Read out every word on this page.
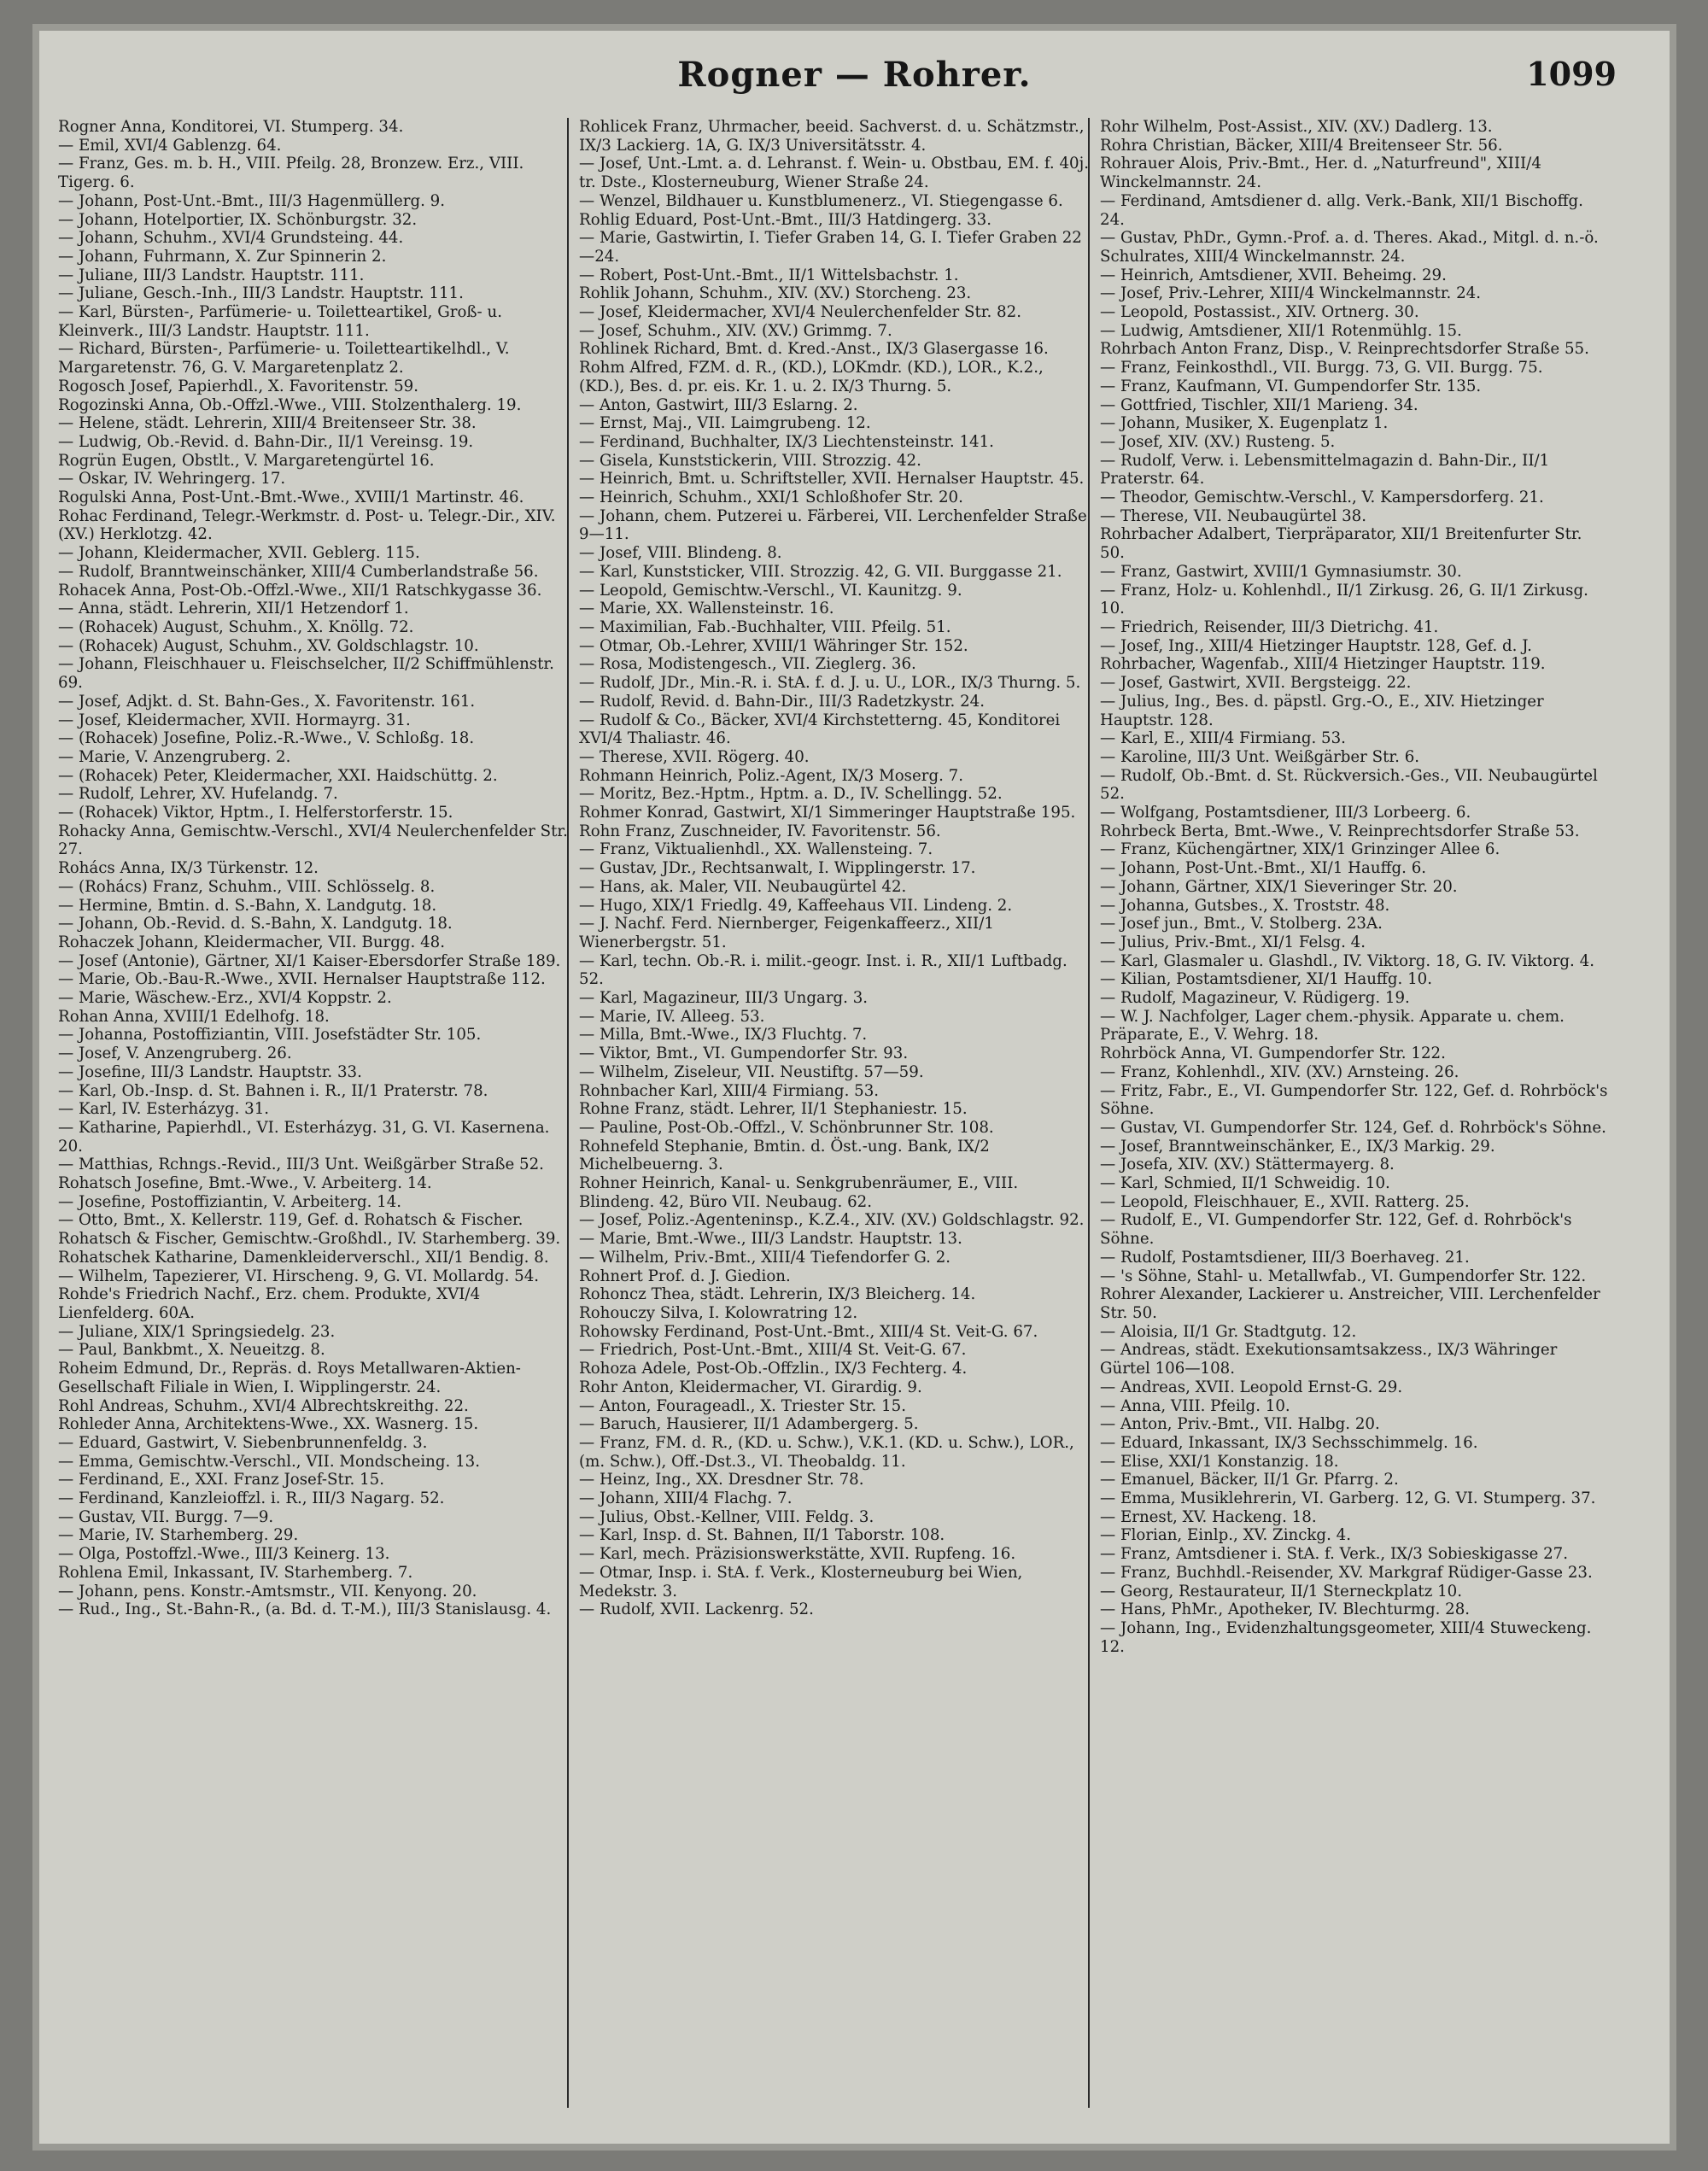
Rogner — Rohrer.	1099
Rogner Anna, Konditorei, VI. Stumperg. 34.
— Emil, XVI/4 Gablenzg. 64.
— Franz, Ges. m. b. H., VIII. Pfeilg. 28, Bronzew. Erz., VIII. Tigerg. 6.
— Johann, Post-Unt.-Bmt., III/3 Hagenmüllerg. 9.
— Johann, Hotelportier, IX. Schönburgstr. 32.
— Johann, Schuhm., XVI/4 Grundsteing. 44.
— Johann, Fuhrmann, X. Zur Spinnerin 2.
— Juliane, III/3 Landstr. Hauptstr. 111.
— Juliane, Gesch.-Inh., III/3 Landstr. Hauptstr. 111.
— Karl, Bürsten-, Parfümerie- u. Toiletteartikel, Groß- u. Kleinverk., III/3 Landstr. Hauptstr. 111.
— Richard, Bürsten-, Parfümerie- u. Toiletteartikelhdl., V. Margaretenstr. 76, G. V. Margaretenplatz 2.
Rogosch Josef, Papierhdl., X. Favoritenstr. 59.
Rogozinski Anna, Ob.-Offzl.-Wwe., VIII. Stolzenthalerg. 19.
— Helene, städt. Lehrerin, XIII/4 Breitenseer Str. 38.
— Ludwig, Ob.-Revid. d. Bahn-Dir., II/1 Vereinsg. 19.
Rogrün Eugen, Obstlt., V. Margaretengürtel 16.
— Oskar, IV. Wehringerg. 17.
Rogulski Anna, Post-Unt.-Bmt.-Wwe., XVIII/1 Martinstr. 46.
Rohac Ferdinand, Telegr.-Werkmstr. d. Post- u. Telegr.-Dir., XIV. (XV.) Herklotzg. 42.
— Johann, Kleidermacher, XVII. Geblerg. 115.
— Rudolf, Branntweinschänker, XIII/4 Cumberlandstraße 56.
Rohacek Anna, Post-Ob.-Offzl.-Wwe., XII/1 Ratschkygasse 36.
— Anna, städt. Lehrerin, XII/1 Hetzendorf 1.
— (Rohacek) August, Schuhm., X. Knöllg. 72.
— (Rohacek) August, Schuhm., XV. Goldschlagstr. 10.
— Johann, Fleischhauer u. Fleischselcher, II/2 Schiffmühlenstr. 69.
— Josef, Adjkt. d. St. Bahn-Ges., X. Favoritenstr. 161.
— Josef, Kleidermacher, XVII. Hormayrg. 31.
— (Rohacek) Josefine, Poliz.-R.-Wwe., V. Schloßg. 18.
— Marie, V. Anzengruberg. 2.
— (Rohacek) Peter, Kleidermacher, XXI. Haidschüttg. 2.
— Rudolf, Lehrer, XV. Hufelandg. 7.
— (Rohacek) Viktor, Hptm., I. Helferstorferstr. 15.
Rohacky Anna, Gemischtw.-Verschl., XVI/4 Neulerchenfelder Str. 27.
Rohács Anna, IX/3 Türkenstr. 12.
— (Rohács) Franz, Schuhm., VIII. Schlösselg. 8.
— Hermine, Bmtin. d. S.-Bahn, X. Landgutg. 18.
— Johann, Ob.-Revid. d. S.-Bahn, X. Landgutg. 18.
Rohaczek Johann, Kleidermacher, VII. Burgg. 48.
— Josef (Antonie), Gärtner, XI/1 Kaiser-Ebersdorfer Straße 189.
— Marie, Ob.-Bau-R.-Wwe., XVII. Hernalser Hauptstraße 112.
— Marie, Wäschew.-Erz., XVI/4 Koppstr. 2.
Rohan Anna, XVIII/1 Edelhofg. 18.
— Johanna, Postoffiziantin, VIII. Josefstädter Str. 105.
— Josef, V. Anzengruberg. 26.
— Josefine, III/3 Landstr. Hauptstr. 33.
— Karl, Ob.-Insp. d. St. Bahnen i. R., II/1 Praterstr. 78.
— Karl, IV. Esterházyg. 31.
— Katharine, Papierhdl., VI. Esterházyg. 31, G. VI. Kasernena. 20.
— Matthias, Rchngs.-Revid., III/3 Unt. Weißgärber Straße 52.
Rohatsch Josefine, Bmt.-Wwe., V. Arbeiterg. 14.
— Josefine, Postoffiziantin, V. Arbeiterg. 14.
— Otto, Bmt., X. Kellerstr. 119, Gef. d. Rohatsch & Fischer.
Rohatsch & Fischer, Gemischtw.-Großhdl., IV. Starhemberg. 39.
Rohatschek Katharine, Damenkleiderverschl., XII/1 Bendig. 8.
— Wilhelm, Tapezierer, VI. Hirscheng. 9, G. VI. Mollardg. 54.
Rohde's Friedrich Nachf., Erz. chem. Produkte, XVI/4 Lienfelderg. 60A.
— Juliane, XIX/1 Springsiedelg. 23.
— Paul, Bankbmt., X. Neueitzg. 8.
Roheim Edmund, Dr., Repräs. d. Roys Metallwaren-Aktien-Gesellschaft Filiale in Wien, I. Wipplingerstr. 24.
Rohl Andreas, Schuhm., XVI/4 Albrechtskreithg. 22.
Rohleder Anna, Architektens-Wwe., XX. Wasnerg. 15.
— Eduard, Gastwirt, V. Siebenbrunnenfeldg. 3.
— Emma, Gemischtw.-Verschl., VII. Mondscheing. 13.
— Ferdinand, E., XXI. Franz Josef-Str. 15.
— Ferdinand, Kanzleioffzl. i. R., III/3 Nagarg. 52.
— Gustav, VII. Burgg. 7—9.
— Marie, IV. Starhemberg. 29.
— Olga, Postoffzl.-Wwe., III/3 Keinerg. 13.
Rohlena Emil, Inkassant, IV. Starhemberg. 7.
— Johann, pens. Konstr.-Amtsmstr., VII. Kenyong. 20.
— Rud., Ing., St.-Bahn-R., (a. Bd. d. T.-M.), III/3 Stanislausg. 4.
Rohlicek Franz, Uhrmacher, beeid. Sachverst. d. u. Schätzmstr., IX/3 Lackierg. 1A, G. IX/3 Universitätsstr. 4.
— Josef, Unt.-Lmt. a. d. Lehranst. f. Wein- u. Obstbau, EM. f. 40j. tr. Dste., Klosterneuburg, Wiener Straße 24.
— Wenzel, Bildhauer u. Kunstblumenerz., VI. Stiegengasse 6.
Rohlig Eduard, Post-Unt.-Bmt., III/3 Hatdingerg. 33.
— Marie, Gastwirtin, I. Tiefer Graben 14, G. I. Tiefer Graben 22—24.
— Robert, Post-Unt.-Bmt., II/1 Wittelsbachstr. 1.
Rohlik Johann, Schuhm., XIV. (XV.) Storcheng. 23.
— Josef, Kleidermacher, XVI/4 Neulerchenfelder Str. 82.
— Josef, Schuhm., XIV. (XV.) Grimmg. 7.
Rohlinek Richard, Bmt. d. Kred.-Anst., IX/3 Glasergasse 16.
Rohm Alfred, FZM. d. R., (KD.), LOKmdr. (KD.), LOR., K.2., (KD.), Bes. d. pr. eis. Kr. 1. u. 2. IX/3 Thurng. 5.
— Anton, Gastwirt, III/3 Eslarng. 2.
— Ernst, Maj., VII. Laimgrubeng. 12.
— Ferdinand, Buchhalter, IX/3 Liechtensteinstr. 141.
— Gisela, Kunststickerin, VIII. Strozzig. 42.
— Heinrich, Bmt. u. Schriftsteller, XVII. Hernalser Hauptstr. 45.
— Heinrich, Schuhm., XXI/1 Schloßhofer Str. 20.
— Johann, chem. Putzerei u. Färberei, VII. Lerchenfelder Straße 9—11.
— Josef, VIII. Blindeng. 8.
— Karl, Kunststicker, VIII. Strozzig. 42, G. VII. Burggasse 21.
— Leopold, Gemischtw.-Verschl., VI. Kaunitzg. 9.
— Marie, XX. Wallensteinstr. 16.
— Maximilian, Fab.-Buchhalter, VIII. Pfeilg. 51.
— Otmar, Ob.-Lehrer, XVIII/1 Währinger Str. 152.
— Rosa, Modistengesch., VII. Zieglerg. 36.
— Rudolf, JDr., Min.-R. i. StA. f. d. J. u. U., LOR., IX/3 Thurng. 5.
— Rudolf, Revid. d. Bahn-Dir., III/3 Radetzkystr. 24.
— Rudolf & Co., Bäcker, XVI/4 Kirchstetterng. 45, Konditorei XVI/4 Thaliastr. 46.
— Therese, XVII. Rögerg. 40.
Rohmann Heinrich, Poliz.-Agent, IX/3 Moserg. 7.
— Moritz, Bez.-Hptm., Hptm. a. D., IV. Schellingg. 52.
Rohmer Konrad, Gastwirt, XI/1 Simmeringer Hauptstraße 195.
Rohn Franz, Zuschneider, IV. Favoritenstr. 56.
— Franz, Viktualienhdl., XX. Wallensteing. 7.
— Gustav, JDr., Rechtsanwalt, I. Wipplingerstr. 17.
— Hans, ak. Maler, VII. Neubaugürtel 42.
— Hugo, XIX/1 Friedlg. 49, Kaffeehaus VII. Lindeng. 2.
— J. Nachf. Ferd. Niernberger, Feigenkaffeerz., XII/1 Wienerbergstr. 51.
— Karl, techn. Ob.-R. i. milit.-geogr. Inst. i. R., XII/1 Luftbadg. 52.
— Karl, Magazineur, III/3 Ungarg. 3.
— Marie, IV. Alleeg. 53.
— Milla, Bmt.-Wwe., IX/3 Fluchtg. 7.
— Viktor, Bmt., VI. Gumpendorfer Str. 93.
— Wilhelm, Ziseleur, VII. Neustiftg. 57—59.
Rohnbacher Karl, XIII/4 Firmiang. 53.
Rohne Franz, städt. Lehrer, II/1 Stephaniestr. 15.
— Pauline, Post-Ob.-Offzl., V. Schönbrunner Str. 108.
Rohnefeld Stephanie, Bmtin. d. Öst.-ung. Bank, IX/2 Michelbeuerng. 3.
Rohner Heinrich, Kanal- u. Senkgrubenräumer, E., VIII. Blindeng. 42, Büro VII. Neubaug. 62.
— Josef, Poliz.-Agenteninsp., K.Z.4., XIV. (XV.) Goldschlagstr. 92.
— Marie, Bmt.-Wwe., III/3 Landstr. Hauptstr. 13.
— Wilhelm, Priv.-Bmt., XIII/4 Tiefendorfer G. 2.
Rohnert Prof. d. J. Giedion.
Rohoncz Thea, städt. Lehrerin, IX/3 Bleicherg. 14.
Rohouczy Silva, I. Kolowratring 12.
Rohowsky Ferdinand, Post-Unt.-Bmt., XIII/4 St. Veit-G. 67.
— Friedrich, Post-Unt.-Bmt., XIII/4 St. Veit-G. 67.
Rohoza Adele, Post-Ob.-Offzlin., IX/3 Fechterg. 4.
Rohr Anton, Kleidermacher, VI. Girardig. 9.
— Anton, Fourageadl., X. Triester Str. 15.
— Baruch, Hausierer, II/1 Adambergerg. 5.
— Franz, FM. d. R., (KD. u. Schw.), V.K.1. (KD. u. Schw.), LOR., (m. Schw.), Off.-Dst.3., VI. Theobaldg. 11.
— Heinz, Ing., XX. Dresdner Str. 78.
— Johann, XIII/4 Flachg. 7.
— Julius, Obst.-Kellner, VIII. Feldg. 3.
— Karl, Insp. d. St. Bahnen, II/1 Taborstr. 108.
— Karl, mech. Präzisionswerkstätte, XVII. Rupfeng. 16.
— Otmar, Insp. i. StA. f. Verk., Klosterneuburg bei Wien, Medekstr. 3.
— Rudolf, XVII. Lackenrg. 52.
Rohr Wilhelm, Post-Assist., XIV. (XV.) Dadlerg. 13.
Rohra Christian, Bäcker, XIII/4 Breitenseer Str. 56.
Rohrauer Alois, Priv.-Bmt., Her. d. „Naturfreund", XIII/4 Winckelmannstr. 24.
— Ferdinand, Amtsdiener d. allg. Verk.-Bank, XII/1 Bischoffg. 24.
— Gustav, PhDr., Gymn.-Prof. a. d. Theres. Akad., Mitgl. d. n.-ö. Schulrates, XIII/4 Winckelmannstr. 24.
— Heinrich, Amtsdiener, XVII. Beheimg. 29.
— Josef, Priv.-Lehrer, XIII/4 Winckelmannstr. 24.
— Leopold, Postassist., XIV. Ortnerg. 30.
— Ludwig, Amtsdiener, XII/1 Rotenmühlg. 15.
Rohrbach Anton Franz, Disp., V. Reinprechtsdorfer Straße 55.
— Franz, Feinkosthdl., VII. Burgg. 73, G. VII. Burgg. 75.
— Franz, Kaufmann, VI. Gumpendorfer Str. 135.
— Gottfried, Tischler, XII/1 Marieng. 34.
— Johann, Musiker, X. Eugenplatz 1.
— Josef, XIV. (XV.) Rusteng. 5.
— Rudolf, Verw. i. Lebensmittelmagazin d. Bahn-Dir., II/1 Praterstr. 64.
— Theodor, Gemischtw.-Verschl., V. Kampersdorferg. 21.
— Therese, VII. Neubaugürtel 38.
Rohrbacher Adalbert, Tierpräparator, XII/1 Breitenfurter Str. 50.
— Franz, Gastwirt, XVIII/1 Gymnasiumstr. 30.
— Franz, Holz- u. Kohlenhdl., II/1 Zirkusg. 26, G. II/1 Zirkusg. 10.
— Friedrich, Reisender, III/3 Dietrichg. 41.
— Josef, Ing., XIII/4 Hietzinger Hauptstr. 128, Gef. d. J. Rohrbacher, Wagenfab., XIII/4 Hietzinger Hauptstr. 119.
— Josef, Gastwirt, XVII. Bergsteigg. 22.
— Julius, Ing., Bes. d. päpstl. Grg.-O., E., XIV. Hietzinger Hauptstr. 128.
— Karl, E., XIII/4 Firmiang. 53.
— Karoline, III/3 Unt. Weißgärber Str. 6.
— Rudolf, Ob.-Bmt. d. St. Rückversich.-Ges., VII. Neubaugürtel 52.
— Wolfgang, Postamtsdiener, III/3 Lorbeerg. 6.
Rohrbeck Berta, Bmt.-Wwe., V. Reinprechtsdorfer Straße 53.
— Franz, Küchengärtner, XIX/1 Grinzinger Allee 6.
— Johann, Post-Unt.-Bmt., XI/1 Hauffg. 6.
— Johann, Gärtner, XIX/1 Sieveringer Str. 20.
— Johanna, Gutsbes., X. Troststr. 48.
— Josef jun., Bmt., V. Stolberg. 23A.
— Julius, Priv.-Bmt., XI/1 Felsg. 4.
— Karl, Glasmaler u. Glashdl., IV. Viktorg. 18, G. IV. Viktorg. 4.
— Kilian, Postamtsdiener, XI/1 Hauffg. 10.
— Rudolf, Magazineur, V. Rüdigerg. 19.
— W. J. Nachfolger, Lager chem.-physik. Apparate u. chem. Präparate, E., V. Wehrg. 18.
Rohrböck Anna, VI. Gumpendorfer Str. 122.
— Franz, Kohlenhdl., XIV. (XV.) Arnsteing. 26.
— Fritz, Fabr., E., VI. Gumpendorfer Str. 122, Gef. d. Rohrböck's Söhne.
— Gustav, VI. Gumpendorfer Str. 124, Gef. d. Rohrböck's Söhne.
— Josef, Branntweinschänker, E., IX/3 Markig. 29.
— Josefa, XIV. (XV.) Stättermayerg. 8.
— Karl, Schmied, II/1 Schweidig. 10.
— Leopold, Fleischhauer, E., XVII. Ratterg. 25.
— Rudolf, E., VI. Gumpendorfer Str. 122, Gef. d. Rohrböck's Söhne.
— Rudolf, Postamtsdiener, III/3 Boerhaveg. 21.
— 's Söhne, Stahl- u. Metallwfab., VI. Gumpendorfer Str. 122.
Rohrer Alexander, Lackierer u. Anstreicher, VIII. Lerchenfelder Str. 50.
— Aloisia, II/1 Gr. Stadtgutg. 12.
— Andreas, städt. Exekutionsamtsakzess., IX/3 Währinger Gürtel 106—108.
— Andreas, XVII. Leopold Ernst-G. 29.
— Anna, VIII. Pfeilg. 10.
— Anton, Priv.-Bmt., VII. Halbg. 20.
— Eduard, Inkassant, IX/3 Sechsschimmelg. 16.
— Elise, XXI/1 Konstanzig. 18.
— Emanuel, Bäcker, II/1 Gr. Pfarrg. 2.
— Emma, Musiklehrerin, VI. Garberg. 12, G. VI. Stumperg. 37.
— Ernest, XV. Hackeng. 18.
— Florian, Einlp., XV. Zinckg. 4.
— Franz, Amtsdiener i. StA. f. Verk., IX/3 Sobieskigasse 27.
— Franz, Buchhdl.-Reisender, XV. Markgraf Rüdiger-Gasse 23.
— Georg, Restaurateur, II/1 Sterneckplatz 10.
— Hans, PhMr., Apotheker, IV. Blechturmg. 28.
— Johann, Ing., Evidenzhaltungsgeometer, XIII/4 Stuweckeng. 12.
